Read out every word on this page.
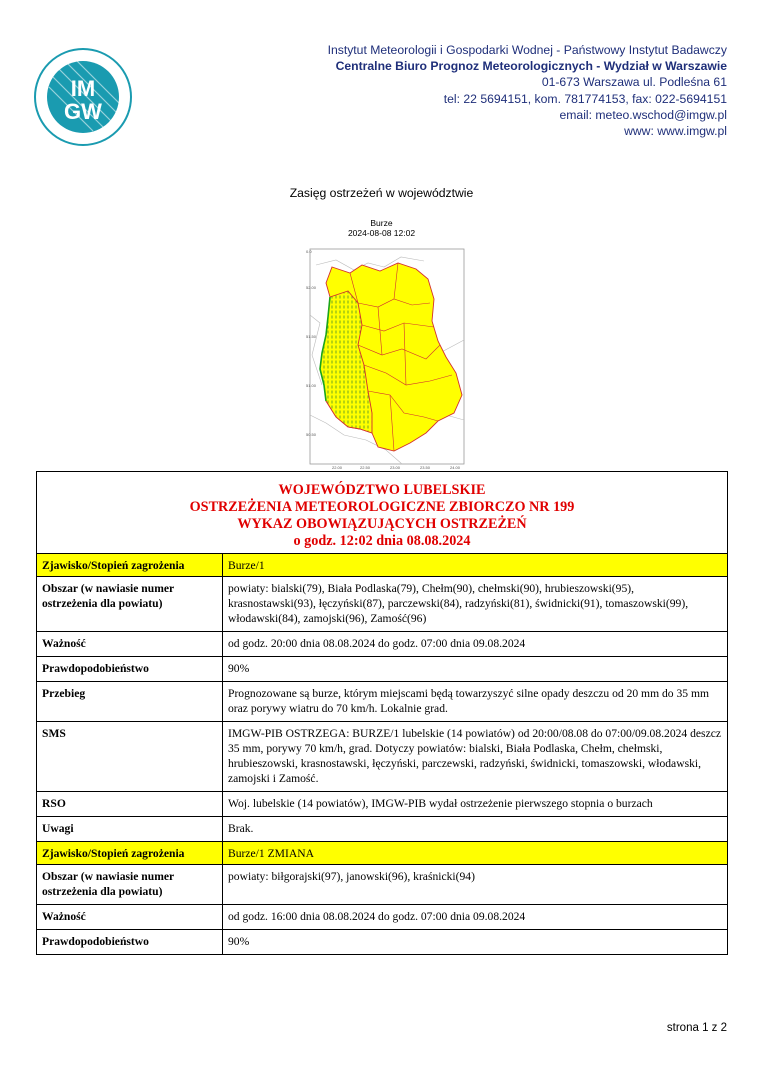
IM
GW
Instytut Meteorologii i Gospodarki Wodnej - Państwowy Instytut Badawczy
Centralne Biuro Prognoz Meteorologicznych - Wydział w Warszawie
01-673 Warszawa ul. Podleśna 61
tel: 22 5694151, kom. 781774153, fax: 022-5694151
email: meteo.wschod@imgw.pl
www: www.imgw.pl
Zasięg ostrzeżeń w województwie
Burze
2024-08-08 12:02
52.00
51.50
51.00
50.50
0.0
22.00	22.50	23.00	23.50	24.00
WOJEWÓDZTWO LUBELSKIE
OSTRZEŻENIA METEOROLOGICZNE ZBIORCZO NR 199
WYKAZ OBOWIĄZUJĄCYCH OSTRZEŻEŃ
o godz. 12:02 dnia 08.08.2024	

Zjawisko/Stopień zagrożenia	Burze/1
Obszar (w nawiasie numer ostrzeżenia dla powiatu)	powiaty: bialski(79), Biała Podlaska(79), Chełm(90), chełmski(90), hrubieszowski(95), krasnostawski(93), łęczyński(87), parczewski(84), radzyński(81), świdnicki(91), tomaszowski(99), włodawski(84), zamojski(96), Zamość(96)
Ważność	od godz. 20:00 dnia 08.08.2024 do godz. 07:00 dnia 09.08.2024
Prawdopodobieństwo	90%
Przebieg	Prognozowane są burze, którym miejscami będą towarzyszyć silne opady deszczu od 20 mm do 35 mm oraz porywy wiatru do 70 km/h. Lokalnie grad.
SMS	IMGW-PIB OSTRZEGA: BURZE/1 lubelskie (14 powiatów) od 20:00/08.08 do 07:00/09.08.2024 deszcz 35 mm, porywy 70 km/h, grad. Dotyczy powiatów: bialski, Biała Podlaska, Chełm, chełmski, hrubieszowski, krasnostawski, łęczyński, parczewski, radzyński, świdnicki, tomaszowski, włodawski, zamojski i Zamość.
RSO	Woj. lubelskie (14 powiatów), IMGW-PIB wydał ostrzeżenie pierwszego stopnia o burzach
Uwagi	Brak.
Zjawisko/Stopień zagrożenia	Burze/1 ZMIANA
Obszar (w nawiasie numer ostrzeżenia dla powiatu)	powiaty: biłgorajski(97), janowski(96), kraśnicki(94)
Ważność	od godz. 16:00 dnia 08.08.2024 do godz. 07:00 dnia 09.08.2024
Prawdopodobieństwo	90%
strona 1 z 2
